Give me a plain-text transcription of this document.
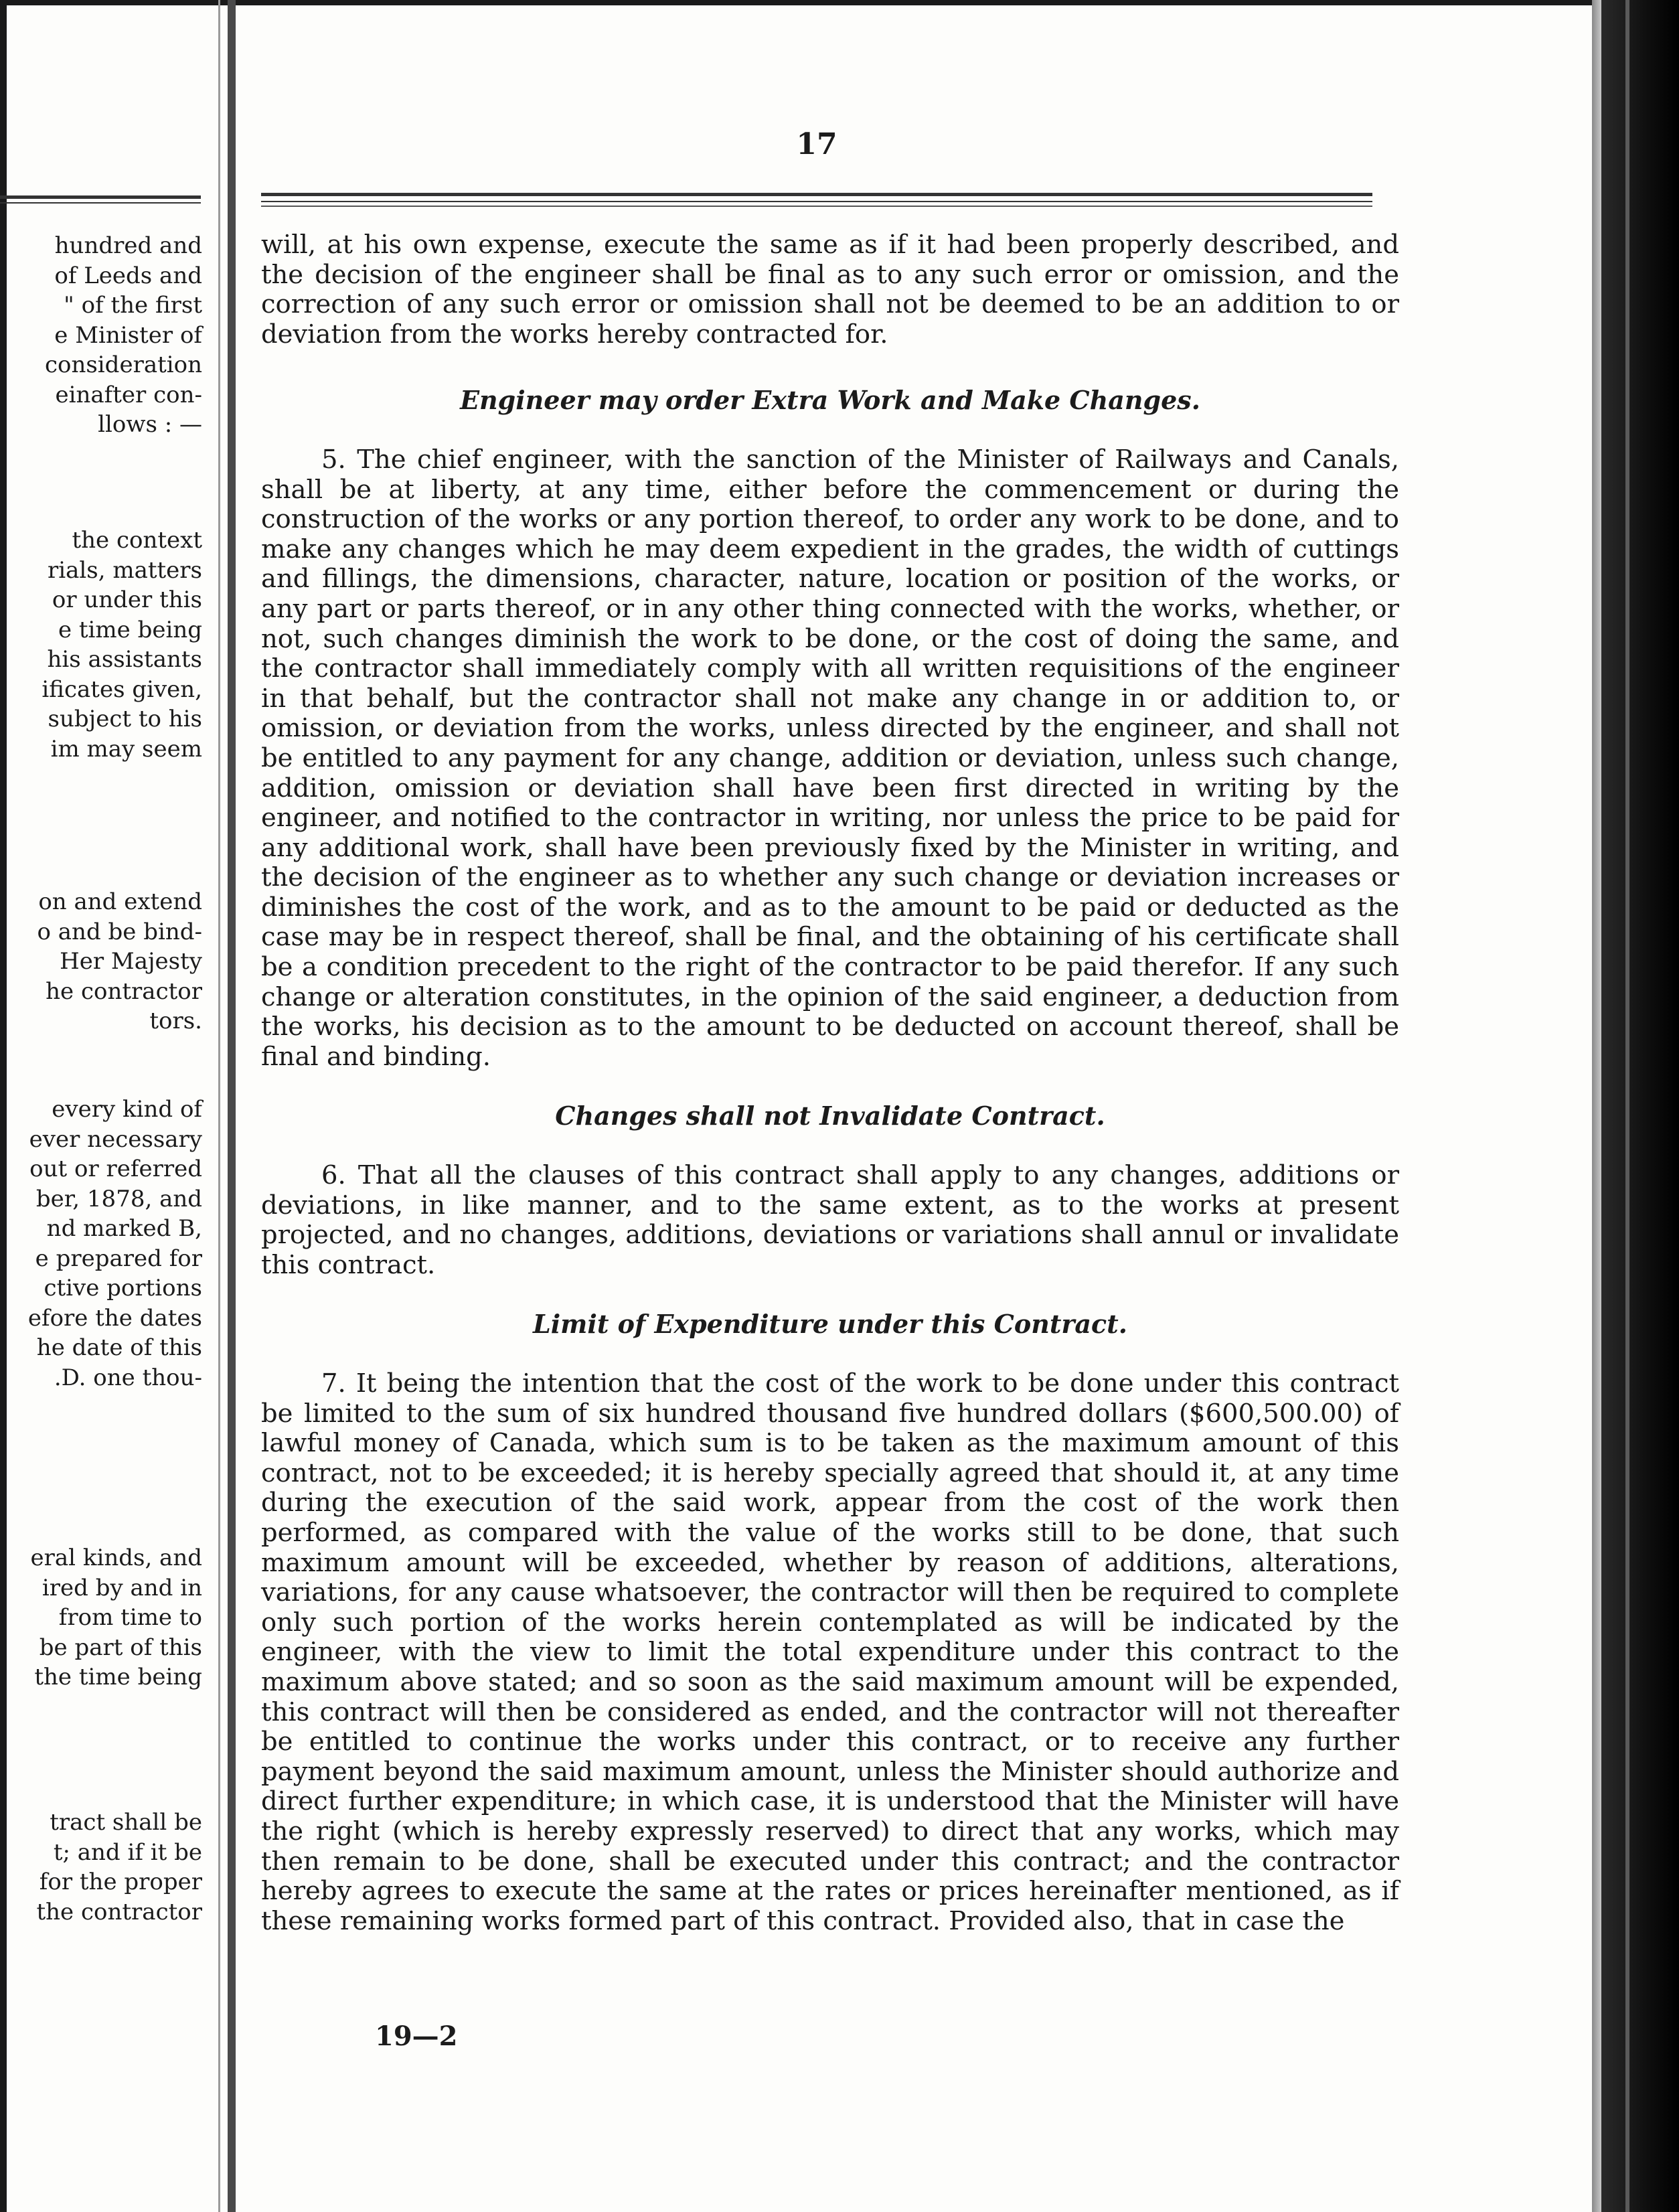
hundred and
of Leeds and
" of the first
e Minister of
consideration
einafter con-
llows : —
the context
rials, matters
or under this
e time being
his assistants
ificates given,
subject to his
im may seem
on and extend
o and be bind-
Her Majesty
he contractor
tors.
every kind of
ever necessary
out or referred
ber, 1878, and
nd marked B,
e prepared for
ctive portions
efore the dates
he date of this
.D. one thou-
eral kinds, and
ired by and in
from time to
be part of this
the time being
tract shall be
t; and if it be
for the proper
the contractor
17

will, at his own expense, execute the same as if it had been properly described, and the decision of the engineer shall be final as to any such error or omission, and the correction of any such error or omission shall not be deemed to be an addition to or deviation from the works hereby contracted for.

Engineer may order Extra Work and Make Changes.

5. The chief engineer, with the sanction of the Minister of Railways and Canals, shall be at liberty, at any time, either before the commencement or during the construction of the works or any portion thereof, to order any work to be done, and to make any changes which he may deem expedient in the grades, the width of cuttings and fillings, the dimensions, character, nature, location or position of the works, or any part or parts thereof, or in any other thing connected with the works, whether, or not, such changes diminish the work to be done, or the cost of doing the same, and the contractor shall immediately comply with all written requisitions of the engineer in that behalf, but the contractor shall not make any change in or addition to, or omission, or deviation from the works, unless directed by the engineer, and shall not be entitled to any payment for any change, addition or deviation, unless such change, addition, omission or deviation shall have been first directed in writing by the engineer, and notified to the contractor in writing, nor unless the price to be paid for any additional work, shall have been previously fixed by the Minister in writing, and the decision of the engineer as to whether any such change or deviation increases or diminishes the cost of the work, and as to the amount to be paid or deducted as the case may be in respect thereof, shall be final, and the obtaining of his certificate shall be a condition precedent to the right of the contractor to be paid therefor. If any such change or alteration constitutes, in the opinion of the said engineer, a deduction from the works, his decision as to the amount to be deducted on account thereof, shall be final and binding.

Changes shall not Invalidate Contract.

6. That all the clauses of this contract shall apply to any changes, additions or deviations, in like manner, and to the same extent, as to the works at present projected, and no changes, additions, deviations or variations shall annul or invalidate this contract.

Limit of Expenditure under this Contract.

7. It being the intention that the cost of the work to be done under this contract be limited to the sum of six hundred thousand five hundred dollars ($600,500.00) of lawful money of Canada, which sum is to be taken as the maximum amount of this contract, not to be exceeded; it is hereby specially agreed that should it, at any time during the execution of the said work, appear from the cost of the work then performed, as compared with the value of the works still to be done, that such maximum amount will be exceeded, whether by reason of additions, alterations, variations, for any cause whatsoever, the contractor will then be required to complete only such portion of the works herein contemplated as will be indicated by the engineer, with the view to limit the total expenditure under this contract to the maximum above stated; and so soon as the said maximum amount will be expended, this contract will then be considered as ended, and the contractor will not thereafter be entitled to continue the works under this contract, or to receive any further payment beyond the said maximum amount, unless the Minister should authorize and direct further expenditure; in which case, it is understood that the Minister will have the right (which is hereby expressly reserved) to direct that any works, which may then remain to be done, shall be executed under this contract; and the contractor hereby agrees to execute the same at the rates or prices hereinafter mentioned, as if these remaining works formed part of this contract. Provided also, that in case the

19—2
